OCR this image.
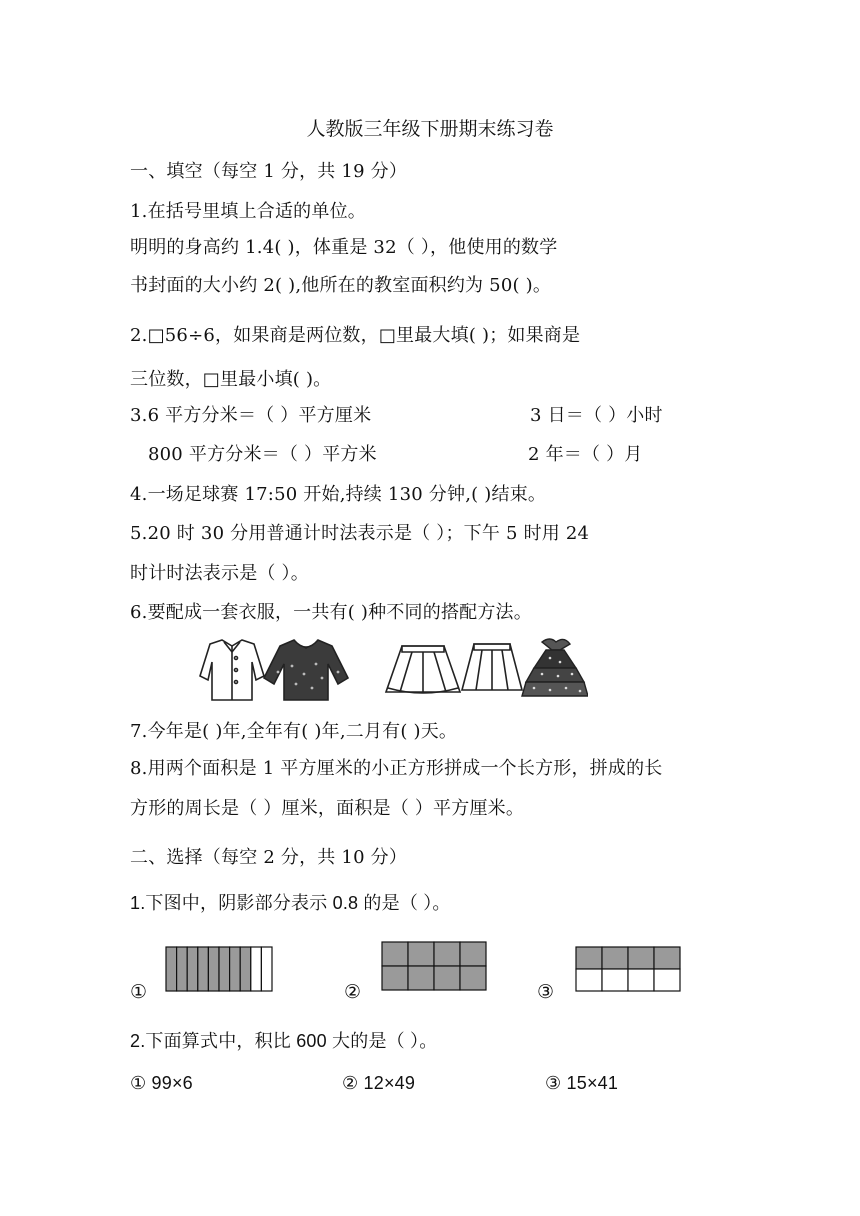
人教版三年级下册期末练习卷
一、填空（每空 1 分，共 19 分）
1.在括号里填上合适的单位。
明明的身高约 1.4( )，体重是 32（ ），他使用的数学
书封面的大小约 2( ),他所在的教室面积约为 50( )。
2.□56÷6，如果商是两位数，□里最大填( )；如果商是
三位数，□里最小填( )。
3.6 平方分米＝（ ）平方厘米	3 日＝（ ）小时
800 平方分米＝（ ）平方米	2 年＝（ ）月
4.一场足球赛 17:50 开始,持续 130 分钟,( )结束。
5.20 时 30 分用普通计时法表示是（ ）；下午 5 时用 24
时计时法表示是（ ）。
6.要配成一套衣服，一共有( )种不同的搭配方法。
7.今年是( )年,全年有( )年,二月有( )天。
8.用两个面积是 1 平方厘米的小正方形拼成一个长方形，拼成的长
方形的周长是（ ）厘米，面积是（ ）平方厘米。
二、选择（每空 2 分，共 10 分）
1.下图中，阴影部分表示 0.8 的是（ ）。
①	②	③
2.下面算式中，积比 600 大的是（ ）。
① 99×6	② 12×49	③ 15×41
